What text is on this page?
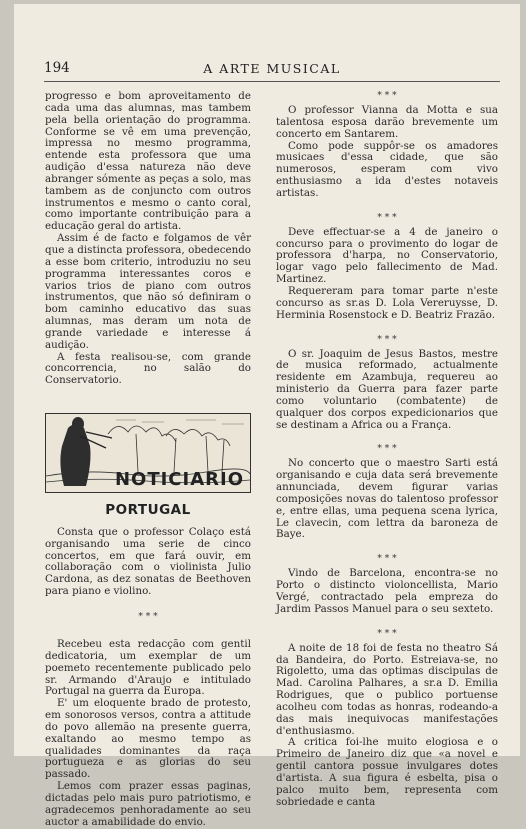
194	A ARTE MUSICAL

progresso e bom aproveitamento de cada uma das alumnas, mas tambem pela bella orientação do programma. Conforme se vê em uma prevenção, impressa no mesmo programma, entende esta professora que uma audição d'essa natureza não deve abranger sómente as peças a solo, mas tambem as de conjuncto com outros instrumentos e mesmo o canto coral, como importante contribuição para a educação geral do artista.

Assim é de facto e folgamos de vêr que a distincta professora, obedecendo a esse bom criterio, introduziu no seu programma interessantes coros e varios trios de piano com outros instrumentos, que não só definiram o bom caminho educativo das suas alumnas, mas deram um nota de grande variedade e interesse á audição.

A festa realisou-se, com grande concorrencia, no salão do Conservatorio.

NOTICIARIO
PORTUGAL

Consta que o professor Colaço está organisando uma serie de cinco concertos, em que fará ouvir, em collaboração com o violinista Julio Cardona, as dez sonatas de Beethoven para piano e violino.

* * *

Recebeu esta redacção com gentil dedicatoria, um exemplar de um poemeto recentemente publicado pelo sr. Armando d'Araujo e intitulado Portugal na guerra da Europa.

E' um eloquente brado de protesto, em sonorosos versos, contra a attitude do povo allemão na presente guerra, exaltando ao mesmo tempo as qualidades dominantes da raça portugueza e as glorias do seu passado.

Lemos com prazer essas paginas, dictadas pelo mais puro patriotismo, e agradecemos penhoradamente ao seu auctor a amabilidade do envio.

* * *

O professor Vianna da Motta e sua talentosa esposa darão brevemente um concerto em Santarem.

Como pode suppôr-se os amadores musicaes d'essa cidade, que são numerosos, esperam com vivo enthusiasmo a ida d'estes notaveis artistas.

* * *

Deve effectuar-se a 4 de janeiro o concurso para o provimento do logar de professora d'harpa, no Conservatorio, logar vago pelo fallecimento de Mad. Martinez.

Requereram para tomar parte n'este concurso as sr.as D. Lola Vereruysse, D. Herminia Rosenstock e D. Beatriz Frazão.

* * *

O sr. Joaquim de Jesus Bastos, mestre de musica reformado, actualmente residente em Azambuja, requereu ao ministerio da Guerra para fazer parte como voluntario (combatente) de qualquer dos corpos expedicionarios que se destinam a Africa ou a França.

* * *

No concerto que o maestro Sarti está organisando e cuja data será brevemente annunciada, devem figurar varias composições novas do talentoso professor e, entre ellas, uma pequena scena lyrica, Le clavecin, com lettra da baroneza de Baye.

* * *

Vindo de Barcelona, encontra-se no Porto o distincto violoncellista, Mario Vergé, contractado pela empreza do Jardim Passos Manuel para o seu sexteto.

* * *

A noite de 18 foi de festa no theatro Sá da Bandeira, do Porto. Estreiava-se, no Rigoletto, uma das optimas discipulas de Mad. Carolina Palhares, a sr.a D. Emilia Rodrigues, que o publico portuense acolheu com todas as honras, rodeando-a das mais inequivocas manifestações d'enthusiasmo.

A critica foi-lhe muito elogiosa e o Primeiro de Janeiro diz que «a novel e gentil cantora possue invulgares dotes d'artista. A sua figura é esbelta, pisa o palco muito bem, representa com sobriedade e canta
